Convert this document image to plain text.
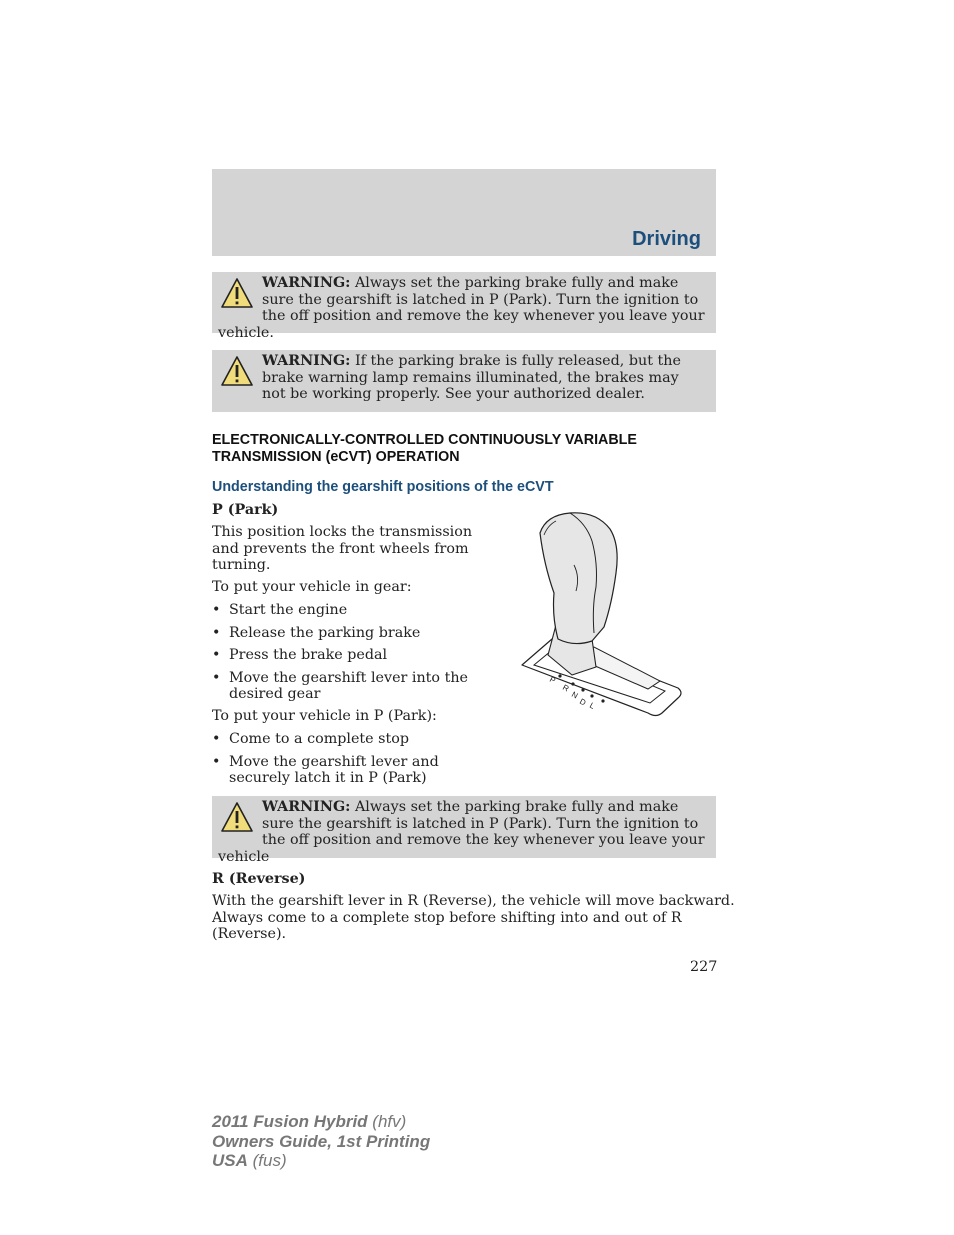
Driving
WARNING: Always set the parking brake fully and make sure the gearshift is latched in P (Park). Turn the ignition to the off position and remove the key whenever you leave your vehicle.
WARNING: If the parking brake is fully released, but the brake warning lamp remains illuminated, the brakes may not be working properly. See your authorized dealer.
ELECTRONICALLY-CONTROLLED CONTINUOUSLY VARIABLE
TRANSMISSION (eCVT) OPERATION
Understanding the gearshift positions of the eCVT
P (Park)
This position locks the transmission
and prevents the front wheels from
turning.
To put your vehicle in gear:
• Start the engine
• Release the parking brake
• Press the brake pedal
• Move the gearshift lever into the
desired gear
To put your vehicle in P (Park):
• Come to a complete stop
• Move the gearshift lever and
securely latch it in P (Park)
P
R
N
D L
WARNING: Always set the parking brake fully and make sure the gearshift is latched in P (Park). Turn the ignition to the off position and remove the key whenever you leave your vehicle
R (Reverse)
With the gearshift lever in R (Reverse), the vehicle will move backward.
Always come to a complete stop before shifting into and out of R
(Reverse).
227
2011 Fusion Hybrid (hfv)
Owners Guide, 1st Printing
USA (fus)
